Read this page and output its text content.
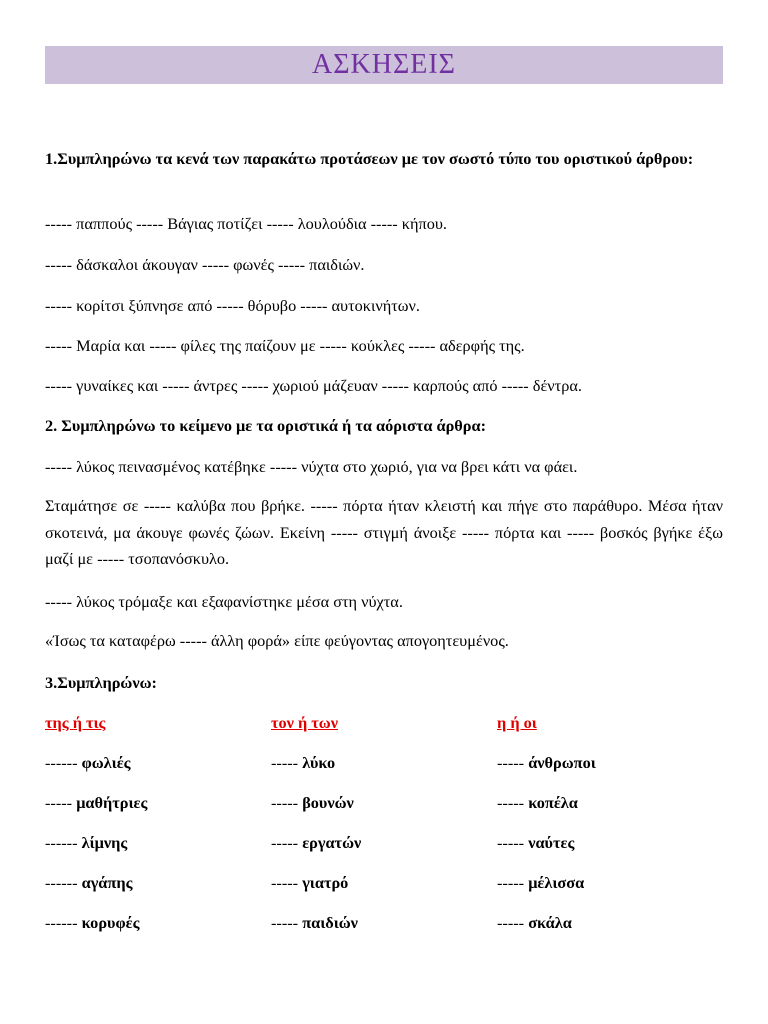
ΑΣΚΗΣΕΙΣ
1.Συμπληρώνω τα κενά των παρακάτω προτάσεων με τον σωστό τύπο του οριστικού άρθρου:
----- παππούς ----- Βάγιας ποτίζει ----- λουλούδια ----- κήπου.
----- δάσκαλοι άκουγαν ----- φωνές ----- παιδιών.
----- κορίτσι ξύπνησε από ----- θόρυβο ----- αυτοκινήτων.
----- Μαρία και ----- φίλες της παίζουν με ----- κούκλες ----- αδερφής της.
----- γυναίκες και ----- άντρες ----- χωριού μάζευαν ----- καρπούς από ----- δέντρα.
2. Συμπληρώνω το κείμενο με τα οριστικά ή τα αόριστα άρθρα:
----- λύκος πεινασμένος κατέβηκε ----- νύχτα στο χωριό, για να βρει κάτι να φάει.
Σταμάτησε σε ----- καλύβα που βρήκε. ----- πόρτα ήταν κλειστή και πήγε στο παράθυρο. Μέσα ήταν σκοτεινά, μα άκουγε φωνές ζώων. Εκείνη ----- στιγμή άνοιξε ----- πόρτα και ----- βοσκός βγήκε έξω μαζί με ----- τσοπανόσκυλο.
----- λύκος τρόμαξε και εξαφανίστηκε μέσα στη νύχτα.
«Ίσως τα καταφέρω ----- άλλη φορά» είπε φεύγοντας απογοητευμένος.
3.Συμπληρώνω:
της ή τις	τον ή των	η ή οι
------ φωλιές
----- μαθήτριες
------ λίμνης
------ αγάπης
------ κορυφές
----- λύκο
----- βουνών
----- εργατών
----- γιατρό
----- παιδιών
----- άνθρωποι
----- κοπέλα
----- ναύτες
----- μέλισσα
----- σκάλα
